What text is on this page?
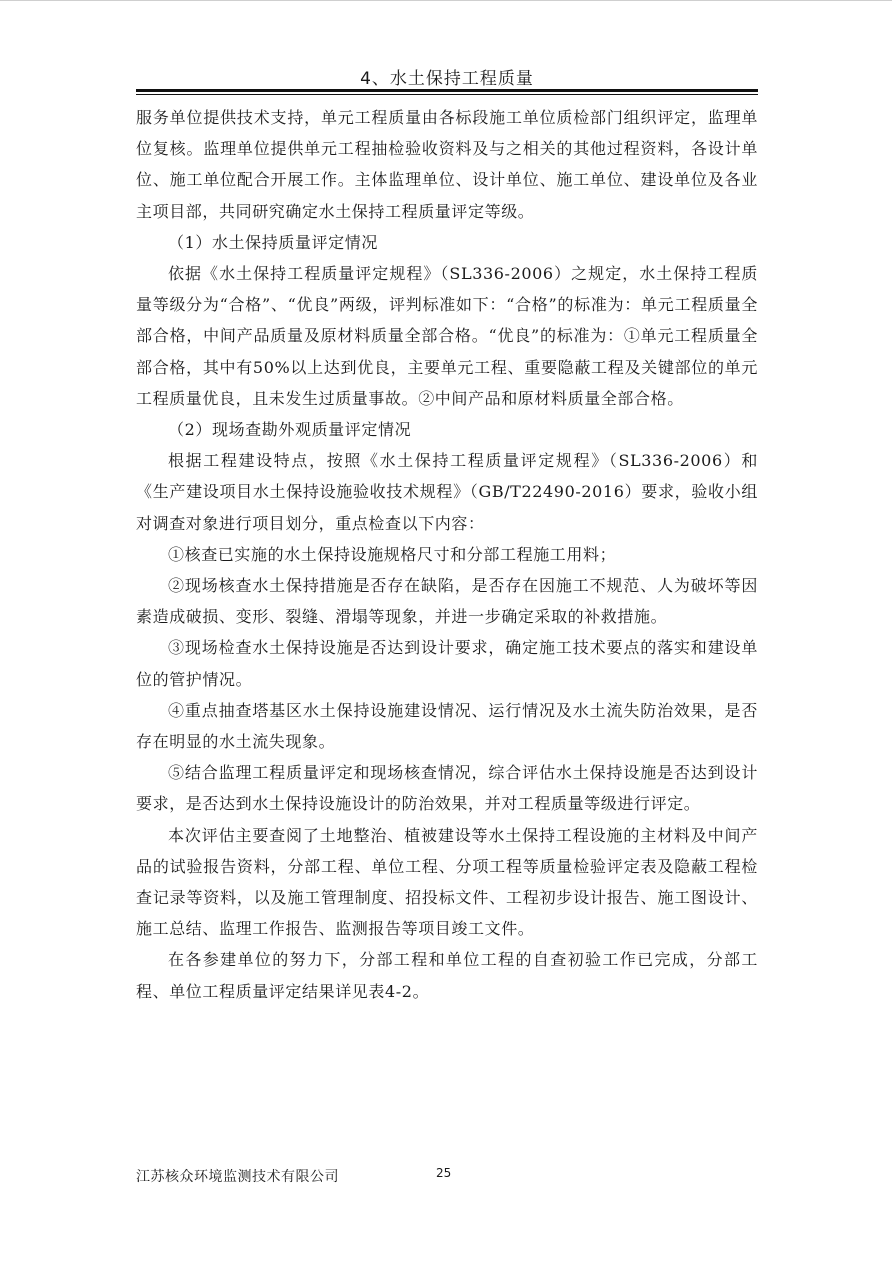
4、水土保持工程质量

服务单位提供技术支持，单元工程质量由各标段施工单位质检部门组织评定，监理单位复核。监理单位提供单元工程抽检验收资料及与之相关的其他过程资料，各设计单位、施工单位配合开展工作。主体监理单位、设计单位、施工单位、建设单位及各业主项目部，共同研究确定水土保持工程质量评定等级。

（1）水土保持质量评定情况

依据《水土保持工程质量评定规程》（SL336-2006）之规定，水土保持工程质量等级分为“合格”、“优良”两级，评判标准如下：“合格”的标准为：单元工程质量全部合格，中间产品质量及原材料质量全部合格。“优良”的标准为：①单元工程质量全部合格，其中有50%以上达到优良，主要单元工程、重要隐蔽工程及关键部位的单元工程质量优良，且未发生过质量事故。②中间产品和原材料质量全部合格。

（2）现场查勘外观质量评定情况

根据工程建设特点，按照《水土保持工程质量评定规程》（SL336-2006）和《生产建设项目水土保持设施验收技术规程》（GB/T22490-2016）要求，验收小组对调查对象进行项目划分，重点检查以下内容：

①核查已实施的水土保持设施规格尺寸和分部工程施工用料；

②现场核查水土保持措施是否存在缺陷，是否存在因施工不规范、人为破坏等因素造成破损、变形、裂缝、滑塌等现象，并进一步确定采取的补救措施。

③现场检查水土保持设施是否达到设计要求，确定施工技术要点的落实和建设单位的管护情况。

④重点抽查塔基区水土保持设施建设情况、运行情况及水土流失防治效果，是否存在明显的水土流失现象。

⑤结合监理工程质量评定和现场核查情况，综合评估水土保持设施是否达到设计要求，是否达到水土保持设施设计的防治效果，并对工程质量等级进行评定。

本次评估主要查阅了土地整治、植被建设等水土保持工程设施的主材料及中间产品的试验报告资料，分部工程、单位工程、分项工程等质量检验评定表及隐蔽工程检查记录等资料，以及施工管理制度、招投标文件、工程初步设计报告、施工图设计、施工总结、监理工作报告、监测报告等项目竣工文件。

在各参建单位的努力下，分部工程和单位工程的自查初验工作已完成，分部工程、单位工程质量评定结果详见表4-2。

江苏核众环境监测技术有限公司	25
